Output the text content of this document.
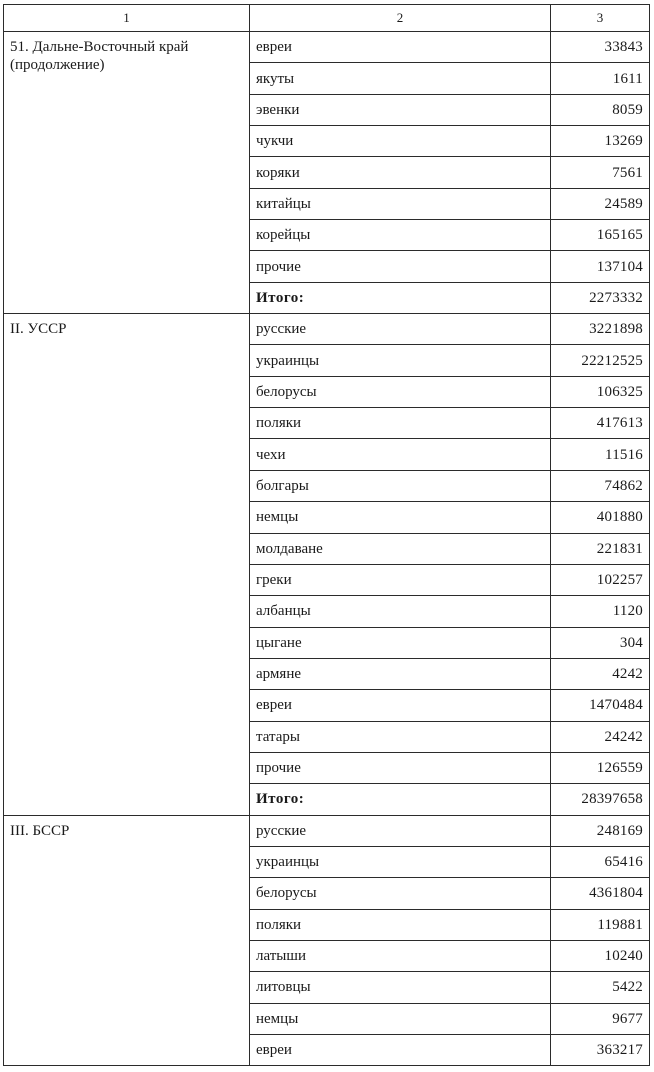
1	2	3

51. Дальне-Восточный край
(продолжение)	евреи	33843
	якуты	1611
	эвенки	8059
	чукчи	13269
	коряки	7561
	китайцы	24589
	корейцы	165165
	прочие	137104
	Итого:	2273332

II. УССР	русские	3221898
	украинцы	22212525
	белорусы	106325
	поляки	417613
	чехи	11516
	болгары	74862
	немцы	401880
	молдаване	221831
	греки	102257
	албанцы	1120
	цыгане	304
	армяне	4242
	евреи	1470484
	татары	24242
	прочие	126559
	Итого:	28397658

III. БССР	русские	248169
	украинцы	65416
	белорусы	4361804
	поляки	119881
	латыши	10240
	литовцы	5422
	немцы	9677
	евреи	363217
